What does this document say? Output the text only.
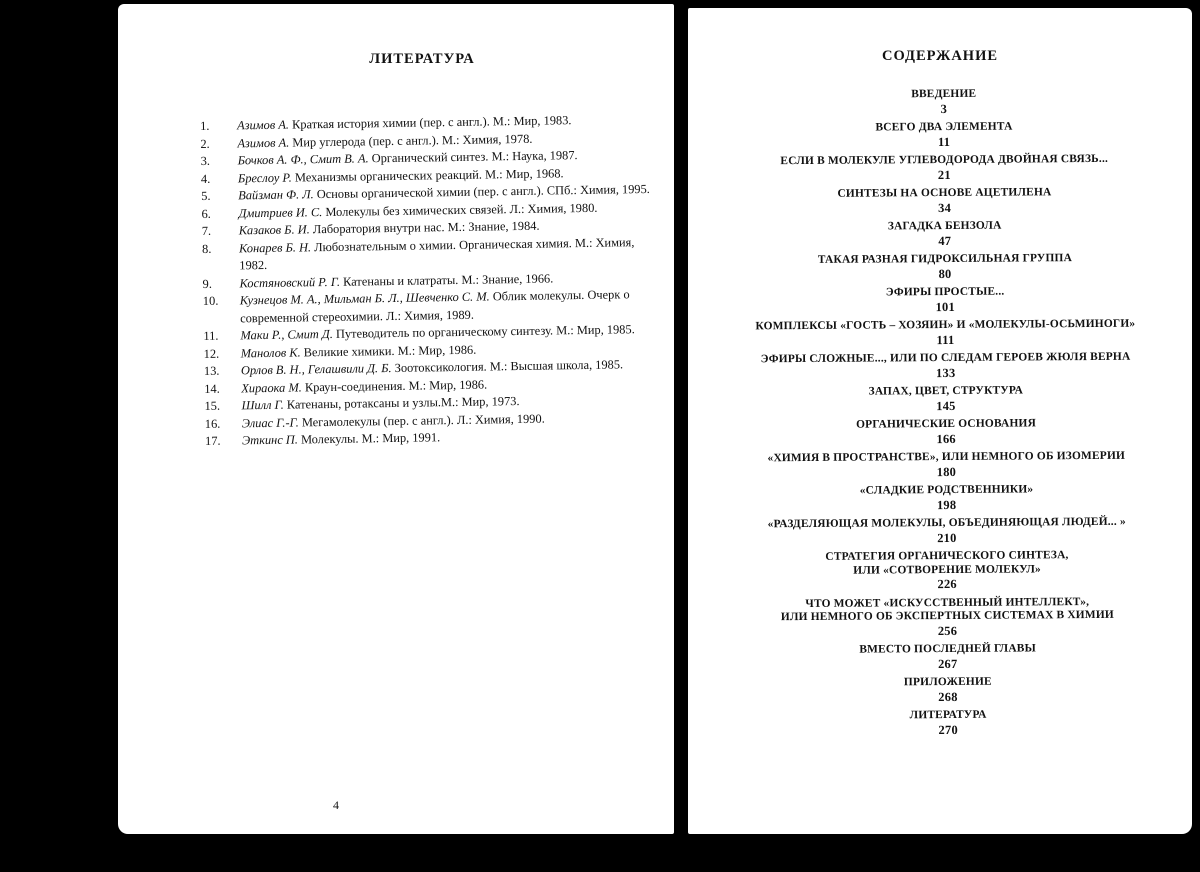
ЛИТЕРАТУРА
1.	Азимов А. Краткая история химии (пер. с англ.). М.: Мир, 1983.
2.	Азимов А. Мир углерода (пер. с англ.). М.: Химия, 1978.
3.	Бочков А. Ф., Смит В. А. Органический синтез. М.: Наука, 1987.
4.	Бреслоу Р. Механизмы органических реакций. М.: Мир, 1968.
5.	Вайзман Ф. Л. Основы органической химии (пер. с англ.). СПб.: Химия, 1995.
6.	Дмитриев И. С. Молекулы без химических связей. Л.: Химия, 1980.
7.	Казаков Б. И. Лаборатория внутри нас. М.: Знание, 1984.
8.	Конарев Б. Н. Любознательным о химии. Органическая химия. М.: Химия, 1982.
9.	Костяновский Р. Г. Катенаны и клатраты. М.: Знание, 1966.
10.	Кузнецов М. А., Мильман Б. Л., Шевченко С. М. Облик молекулы. Очерк о современной стереохимии. Л.: Химия, 1989.
11.	Маки Р., Смит Д. Путеводитель по органическому синтезу. М.: Мир, 1985.
12.	Манолов К. Великие химики. М.: Мир, 1986.
13.	Орлов В. Н., Гелашвили Д. Б. Зоотоксикология. М.: Высшая школа, 1985.
14.	Хираока М. Краун-соединения. М.: Мир, 1986.
15.	Шилл Г. Катенаны, ротаксаны и узлы.М.: Мир, 1973.
16.	Элиас Г.-Г. Мегамолекулы (пер. с англ.). Л.: Химия, 1990.
17.	Эткинс П. Молекулы. М.: Мир, 1991.
4
СОДЕРЖАНИЕ
ВВЕДЕНИЕ
3
ВСЕГО ДВА ЭЛЕМЕНТА
11
ЕСЛИ В МОЛЕКУЛЕ УГЛЕВОДОРОДА ДВОЙНАЯ СВЯЗЬ...
21
СИНТЕЗЫ НА ОСНОВЕ АЦЕТИЛЕНА
34
ЗАГАДКА БЕНЗОЛА
47
ТАКАЯ РАЗНАЯ ГИДРОКСИЛЬНАЯ ГРУППА
80
ЭФИРЫ ПРОСТЫЕ...
101
КОМПЛЕКСЫ «ГОСТЬ – ХОЗЯИН» И «МОЛЕКУЛЫ-ОСЬМИНОГИ»
111
ЭФИРЫ СЛОЖНЫЕ..., ИЛИ ПО СЛЕДАМ ГЕРОЕВ ЖЮЛЯ ВЕРНА
133
ЗАПАХ, ЦВЕТ, СТРУКТУРА
145
ОРГАНИЧЕСКИЕ ОСНОВАНИЯ
166
«ХИМИЯ В ПРОСТРАНСТВЕ», ИЛИ НЕМНОГО ОБ ИЗОМЕРИИ
180
«СЛАДКИЕ РОДСТВЕННИКИ»
198
«РАЗДЕЛЯЮЩАЯ МОЛЕКУЛЫ, ОБЪЕДИНЯЮЩАЯ ЛЮДЕЙ... »
210
СТРАТЕГИЯ ОРГАНИЧЕСКОГО СИНТЕЗА,
ИЛИ «СОТВОРЕНИЕ МОЛЕКУЛ»
226
ЧТО МОЖЕТ «ИСКУССТВЕННЫЙ ИНТЕЛЛЕКТ»,
ИЛИ НЕМНОГО ОБ ЭКСПЕРТНЫХ СИСТЕМАХ В ХИМИИ
256
ВМЕСТО ПОСЛЕДНЕЙ ГЛАВЫ
267
ПРИЛОЖЕНИЕ
268
ЛИТЕРАТУРА
270
